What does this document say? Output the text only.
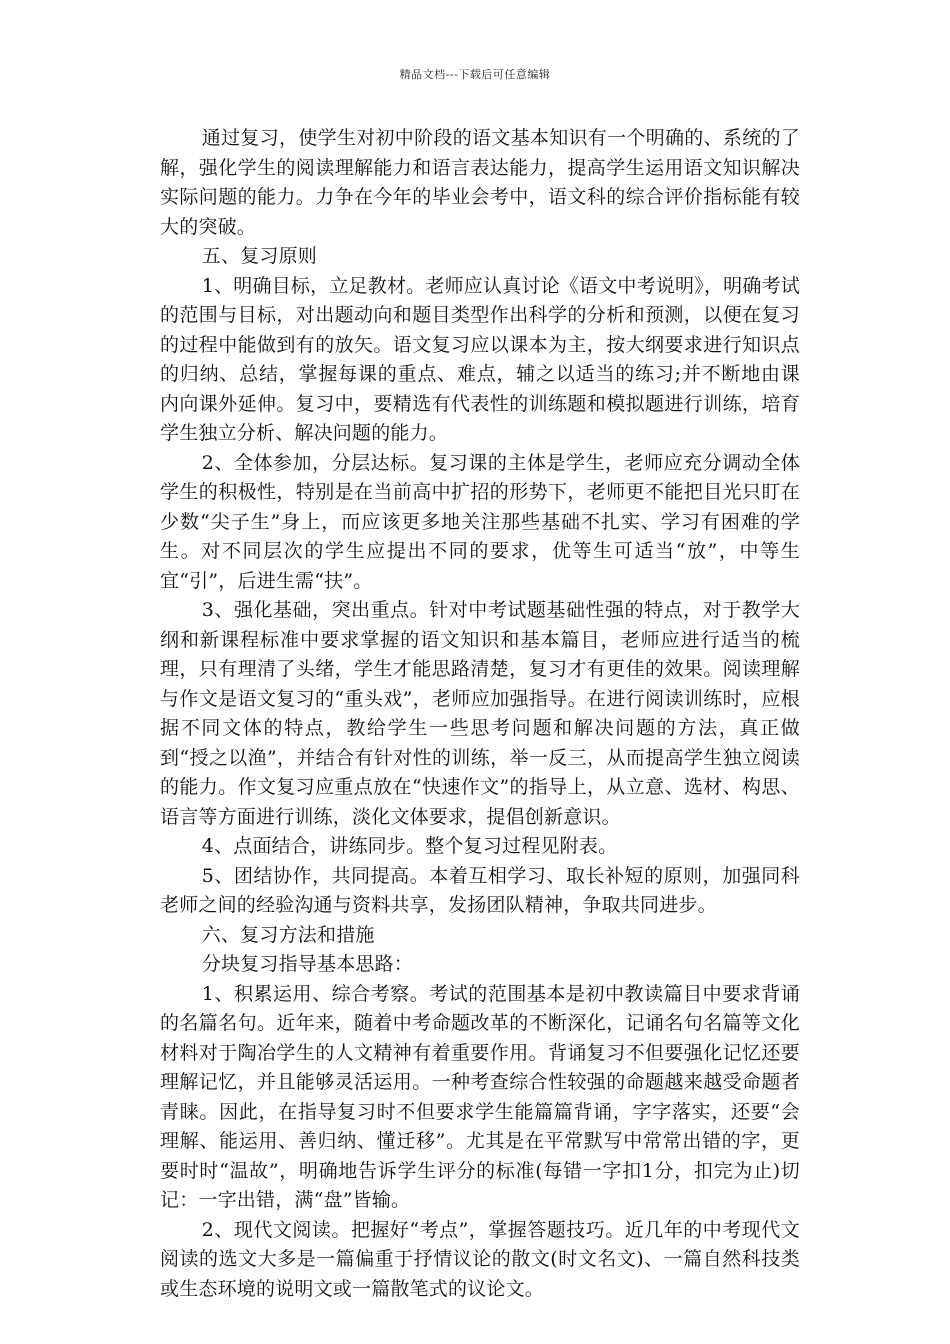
精品文档---下载后可任意编辑

通过复习，使学生对初中阶段的语文基本知识有一个明确的、系统的了解，强化学生的阅读理解能力和语言表达能力，提高学生运用语文知识解决实际问题的能力。力争在今年的毕业会考中，语文科的综合评价指标能有较大的突破。

五、复习原则

1、明确目标，立足教材。老师应认真讨论《语文中考说明》，明确考试的范围与目标，对出题动向和题目类型作出科学的分析和预测，以便在复习的过程中能做到有的放矢。语文复习应以课本为主，按大纲要求进行知识点的归纳、总结，掌握每课的重点、难点，辅之以适当的练习;并不断地由课内向课外延伸。复习中，要精选有代表性的训练题和模拟题进行训练，培育学生独立分析、解决问题的能力。

2、全体参加，分层达标。复习课的主体是学生，老师应充分调动全体学生的积极性，特别是在当前高中扩招的形势下，老师更不能把目光只盯在少数“尖子生”身上，而应该更多地关注那些基础不扎实、学习有困难的学生。对不同层次的学生应提出不同的要求，优等生可适当“放”，中等生宜“引”，后进生需“扶”。

3、强化基础，突出重点。针对中考试题基础性强的特点，对于教学大纲和新课程标准中要求掌握的语文知识和基本篇目，老师应进行适当的梳理，只有理清了头绪，学生才能思路清楚，复习才有更佳的效果。阅读理解与作文是语文复习的“重头戏”，老师应加强指导。在进行阅读训练时，应根据不同文体的特点，教给学生一些思考问题和解决问题的方法，真正做到“授之以渔”，并结合有针对性的训练，举一反三，从而提高学生独立阅读的能力。作文复习应重点放在“快速作文”的指导上，从立意、选材、构思、语言等方面进行训练，淡化文体要求，提倡创新意识。

4、点面结合，讲练同步。整个复习过程见附表。

5、团结协作，共同提高。本着互相学习、取长补短的原则，加强同科老师之间的经验沟通与资料共享，发扬团队精神，争取共同进步。

六、复习方法和措施

分块复习指导基本思路：

1、积累运用、综合考察。考试的范围基本是初中教读篇目中要求背诵的名篇名句。近年来，随着中考命题改革的不断深化，记诵名句名篇等文化材料对于陶冶学生的人文精神有着重要作用。背诵复习不但要强化记忆还要理解记忆，并且能够灵活运用。一种考查综合性较强的命题越来越受命题者青睐。因此，在指导复习时不但要求学生能篇篇背诵，字字落实，还要“会理解、能运用、善归纳、懂迁移”。尤其是在平常默写中常常出错的字，更要时时“温故”，明确地告诉学生评分的标准(每错一字扣1分，扣完为止)切记：一字出错，满“盘”皆输。

2、现代文阅读。把握好“考点”，掌握答题技巧。近几年的中考现代文阅读的选文大多是一篇偏重于抒情议论的散文(时文名文)、一篇自然科技类或生态环境的说明文或一篇散笔式的议论文。
